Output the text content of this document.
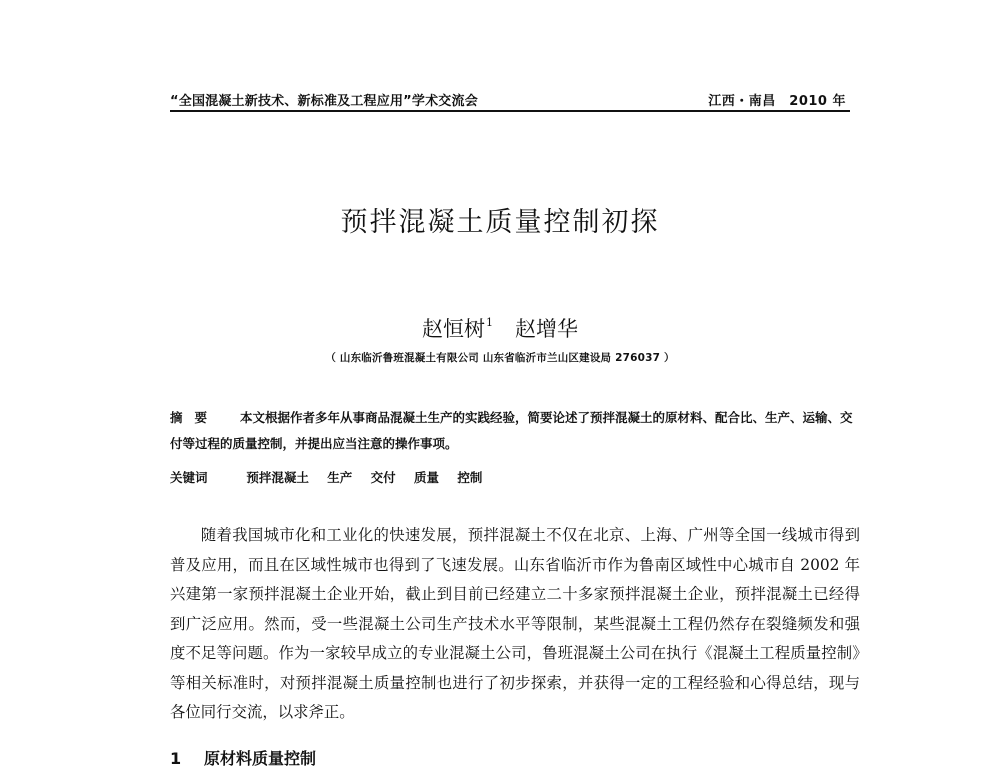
“全国混凝土新技术、新标准及工程应用”学术交流会	江西・南昌　2010 年
预拌混凝土质量控制初探
赵恒树$^1$ 赵增华
（ 山东临沂鲁班混凝土有限公司 山东省临沂市兰山区建设局 276037 ）
摘要 本文根据作者多年从事商品混凝土生产的实践经验，简要论述了预拌混凝土的原材料、配合比、生产、运输、交付等过程的质量控制，并提出应当注意的操作事项。
关键词	预拌混凝土 生产 交付 质量 控制

随着我国城市化和工业化的快速发展，预拌混凝土不仅在北京、上海、广州等全国一线城市得到普及应用，而且在区域性城市也得到了飞速发展。山东省临沂市作为鲁南区域性中心城市自 2002 年兴建第一家预拌混凝土企业开始，截止到目前已经建立二十多家预拌混凝土企业，预拌混凝土已经得到广泛应用。然而，受一些混凝土公司生产技术水平等限制，某些混凝土工程仍然存在裂缝频发和强度不足等问题。作为一家较早成立的专业混凝土公司，鲁班混凝土公司在执行《混凝土工程质量控制》等相关标准时，对预拌混凝土质量控制也进行了初步探索，并获得一定的工程经验和心得总结，现与各位同行交流，以求斧正。

1 原材料质量控制
